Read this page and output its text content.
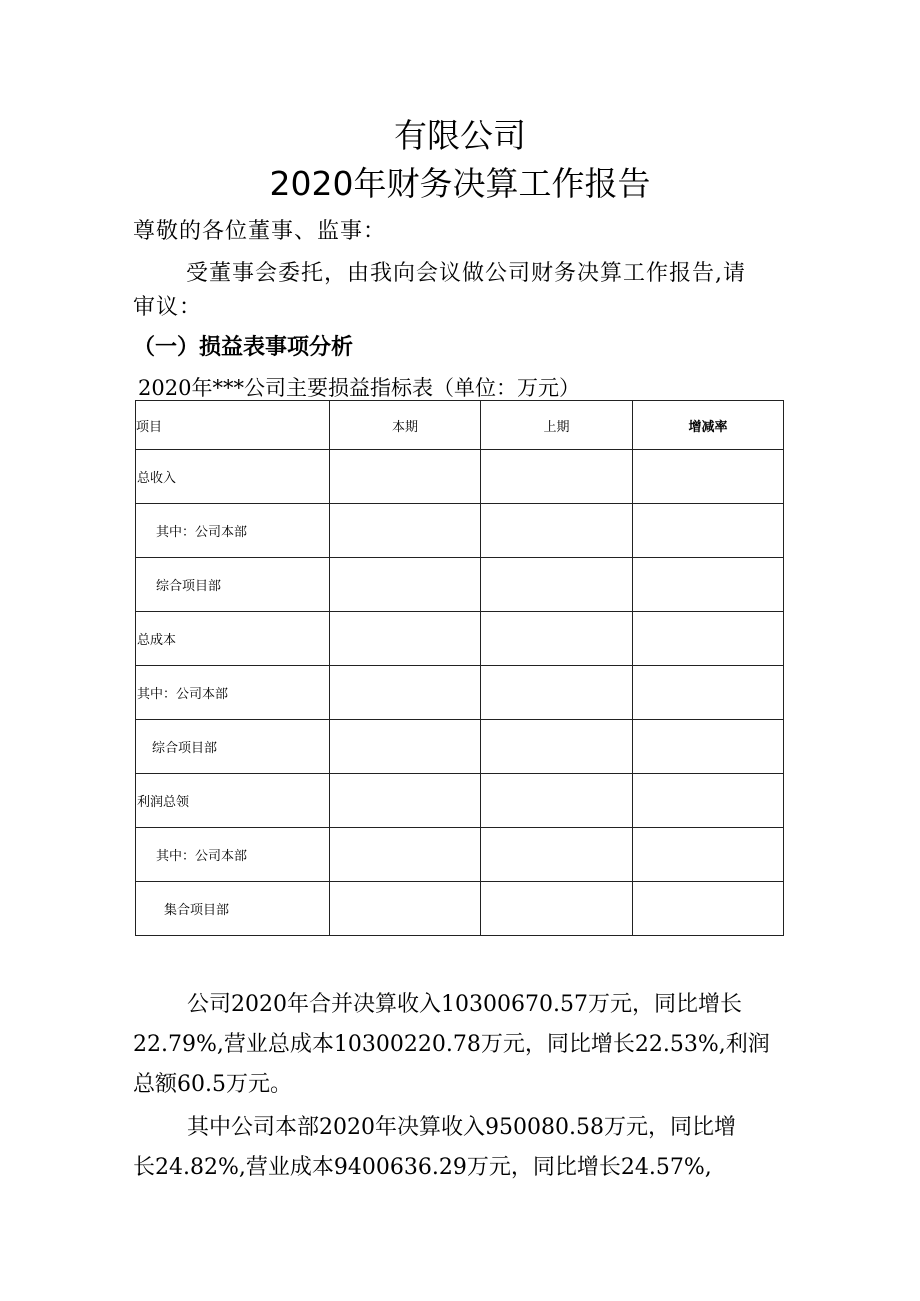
有限公司
2020年财务决算工作报告
尊敬的各位董事、监事：
受董事会委托，由我向会议做公司财务决算工作报告,请
审议：
（一）损益表事项分析
2020年***公司主要损益指标表（单位：万元）
项目	本期	上期	增减率
总收入			
其中：公司本部			
综合项目部			
总成本			
其中：公司本部			
综合项目部			
利润总领			
其中：公司本部			
集合项目部			
公司2020年合并决算收入10300670.57万元，同比增长
22.79%,营业总成本10300220.78万元，同比增长22.53%,利润
总额60.5万元。
其中公司本部2020年决算收入950080.58万元，同比增
长24.82%,营业成本9400636.29万元，同比增长24.57%,
